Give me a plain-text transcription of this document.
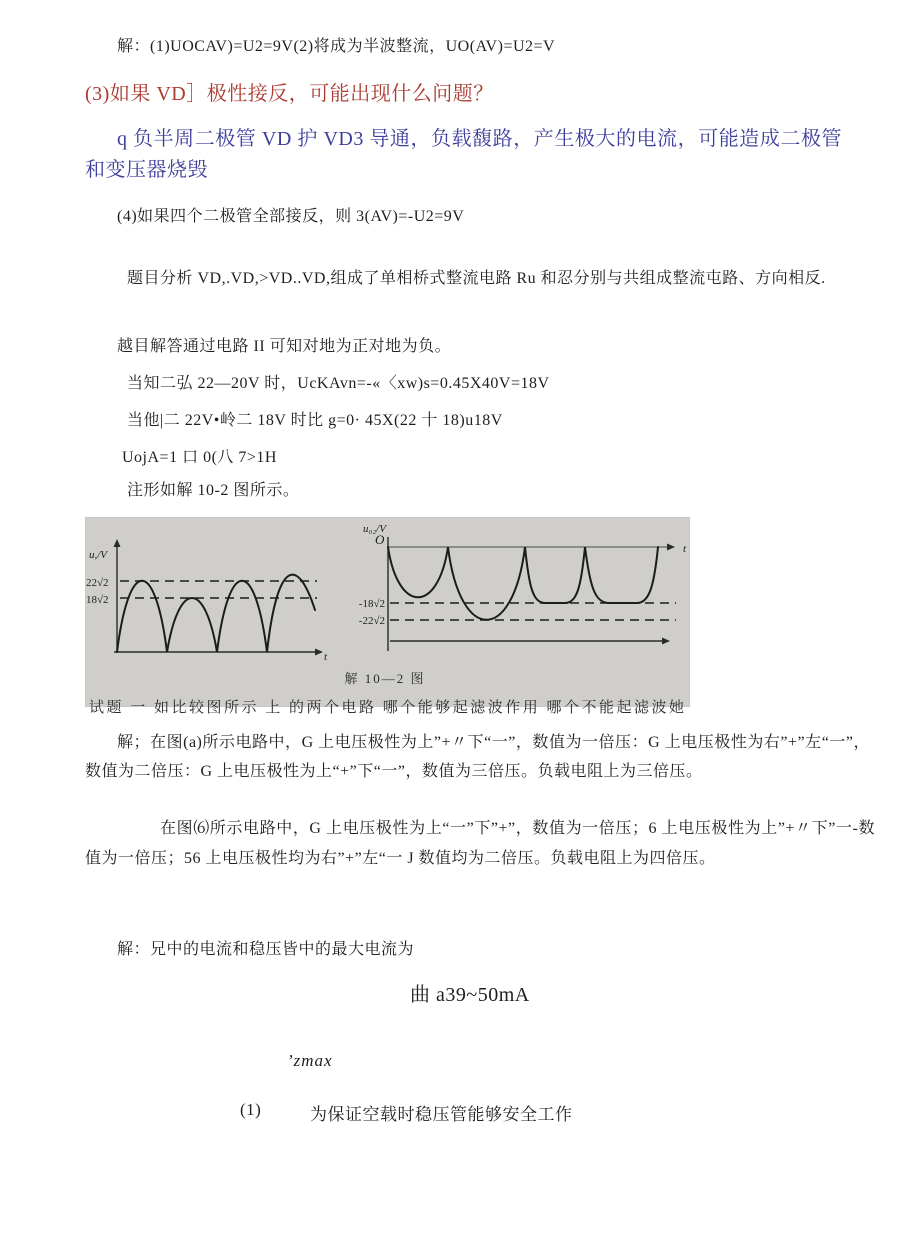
解：(1)UOCAV)=U2=9V(2)将成为半波整流，UO(AV)=U2=V
(3)如果 VD］极性接反，可能出现什么问题？
q 负半周二极管 VD 护 VD3 导通，负载馥路，产生极大的电流，可能造成二极管和变压器烧毁
(4)如果四个二极管全部接反，则 3(AV)=-U2=9V
题目分析 VD,.VD,>VD..VD,组成了单相桥式整流电路 Ru 和忍分别与共组成整流屯路、方向相反.
越目解答通过电路 II 可知对地为正对地为负。
当知二弘 22—20V 时，UcKAvn=-«〈xw)s=0.45X40V=18V
当他|二 22V•岭二 18V 时比 g=0· 45X(22 十 18)u18V
UojA=1 口 0(八 7>1H
注形如解 10-2 图所示。
u,/V
22√2
18√2
t
u₀₂/V
O
-18√2
-22√2
t
解 10—2 图
试题 一 如比较图所示 上 的两个电路 哪个能够起滤波作用 哪个不能起滤波她
解；在图(a)所示电路中，G 上电压极性为上”+〃下“一”，数值为一倍压：G 上电压极性为右”+”左“一”，数值为二倍压：G 上电压极性为上“+”下“一”，数值为三倍压。负载电阻上为三倍压。
在图⑹所示电路中，G 上电压极性为上“一”下”+”，数值为一倍压；6 上电压极性为上”+〃下”一-数值为一倍压；56 上电压极性均为右”+”左“一 J 数值均为二倍压。负载电阻上为四倍压。
解：兄中的电流和稳压皆中的最大电流为
曲 a39~50mA
’zmax
(1)	为保证空载时稳压管能够安全工作
